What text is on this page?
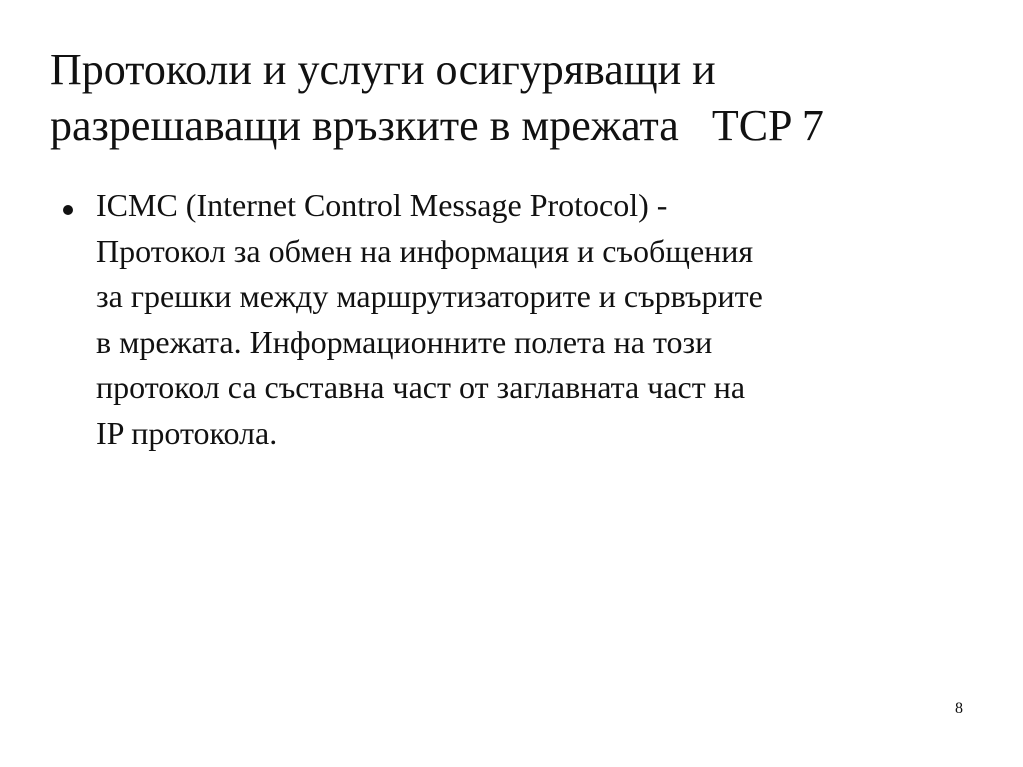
Протоколи и услуги осигуряващи и
разрешаващи връзките в мрежата   TCP 7
ICMC (Internet Control Message Protocol) -
Протокол за обмен на информация и съобщения
за грешки между маршрутизаторите и сървърите
в мрежата. Информационните полета на този
протокол са съставна част от заглавната част на
IP протокола.
8
